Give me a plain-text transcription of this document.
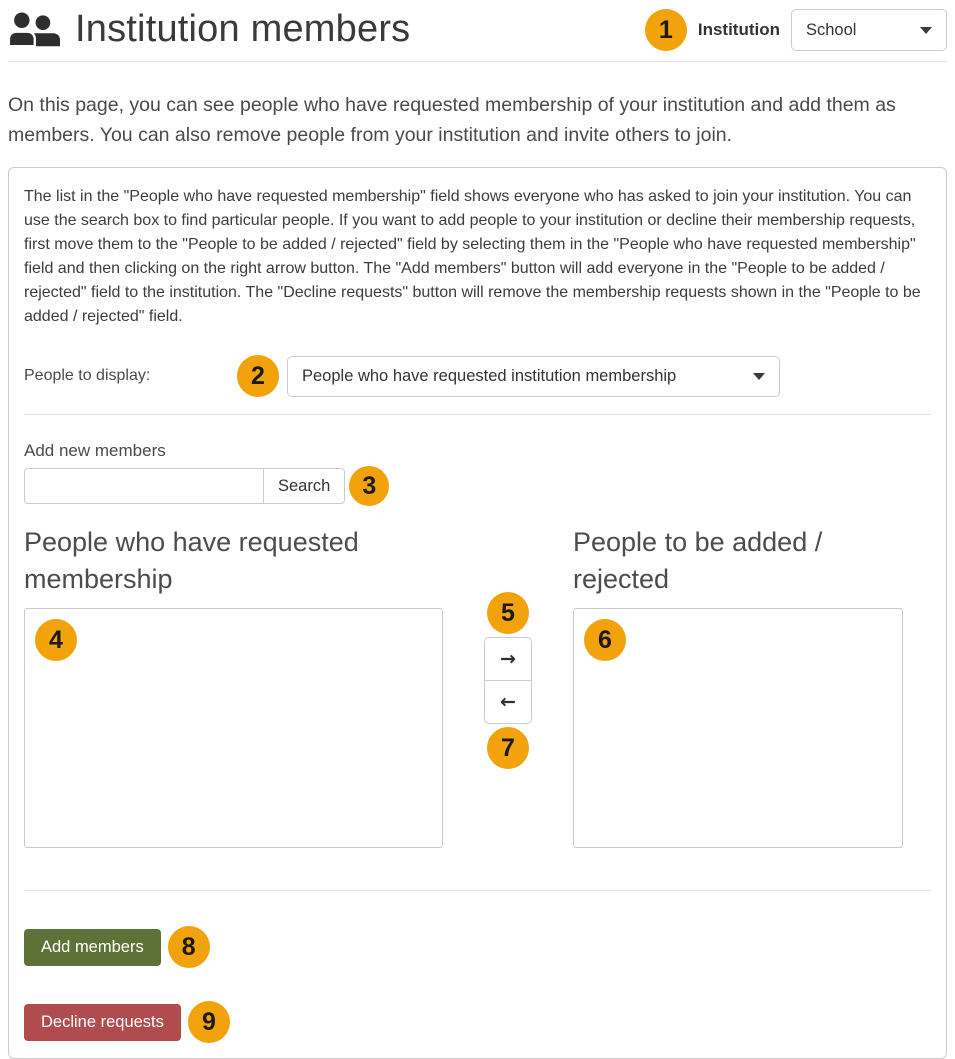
Institution members	1	Institution School

On this page, you can see people who have requested membership of your institution and add them as members. You can also remove people from your institution and invite others to join.

The list in the "People who have requested membership" field shows everyone who has asked to join your institution. You can use the search box to find particular people. If you want to add people to your institution or decline their membership requests, first move them to the "People to be added / rejected" field by selecting them in the "People who have requested membership" field and then clicking on the right arrow button. The "Add members" button will add everyone in the "People to be added / rejected" field to the institution. The "Decline requests" button will remove the membership requests shown in the "People to be added / rejected" field.

People to display:	2	People who have requested institution membership
Add new members
Search	3
People who have requested membership
4
5
→
←
7
People to be added / rejected
6
Add members	8
Decline requests	9
